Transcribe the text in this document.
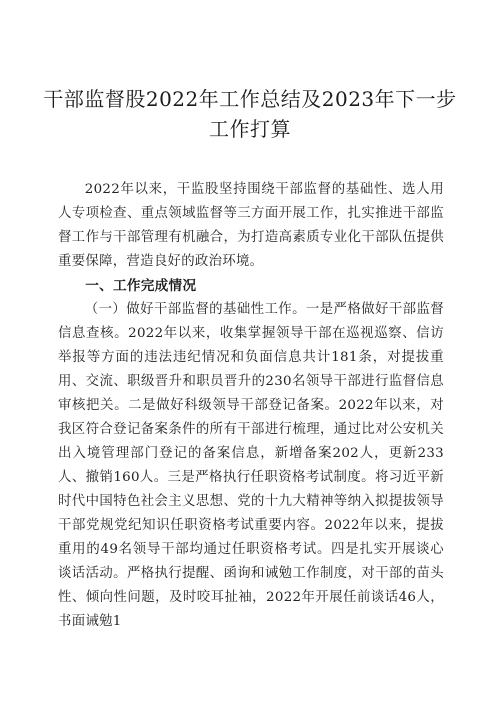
干部监督股2022年工作总结及2023年下一步
工作打算

2022年以来，干监股坚持围绕干部监督的基础性、选人用人专项检查、重点领域监督等三方面开展工作，扎实推进干部监督工作与干部管理有机融合，为打造高素质专业化干部队伍提供重要保障，营造良好的政治环境。

一、工作完成情况

（一）做好干部监督的基础性工作。一是严格做好干部监督信息查核。2022年以来，收集掌握领导干部在巡视巡察、信访举报等方面的违法违纪情况和负面信息共计181条，对提拔重用、交流、职级晋升和职员晋升的230名领导干部进行监督信息审核把关。二是做好科级领导干部登记备案。2022年以来，对我区符合登记备案条件的所有干部进行梳理，通过比对公安机关出入境管理部门登记的备案信息，新增备案202人，更新233人、撤销160人。三是严格执行任职资格考试制度。将习近平新时代中国特色社会主义思想、党的十九大精神等纳入拟提拔领导干部党规党纪知识任职资格考试重要内容。2022年以来，提拔重用的49名领导干部均通过任职资格考试。四是扎实开展谈心谈话活动。严格执行提醒、函询和诫勉工作制度，对干部的苗头性、倾向性问题，及时咬耳扯袖，2022年开展任前谈话46人，书面诫勉1
